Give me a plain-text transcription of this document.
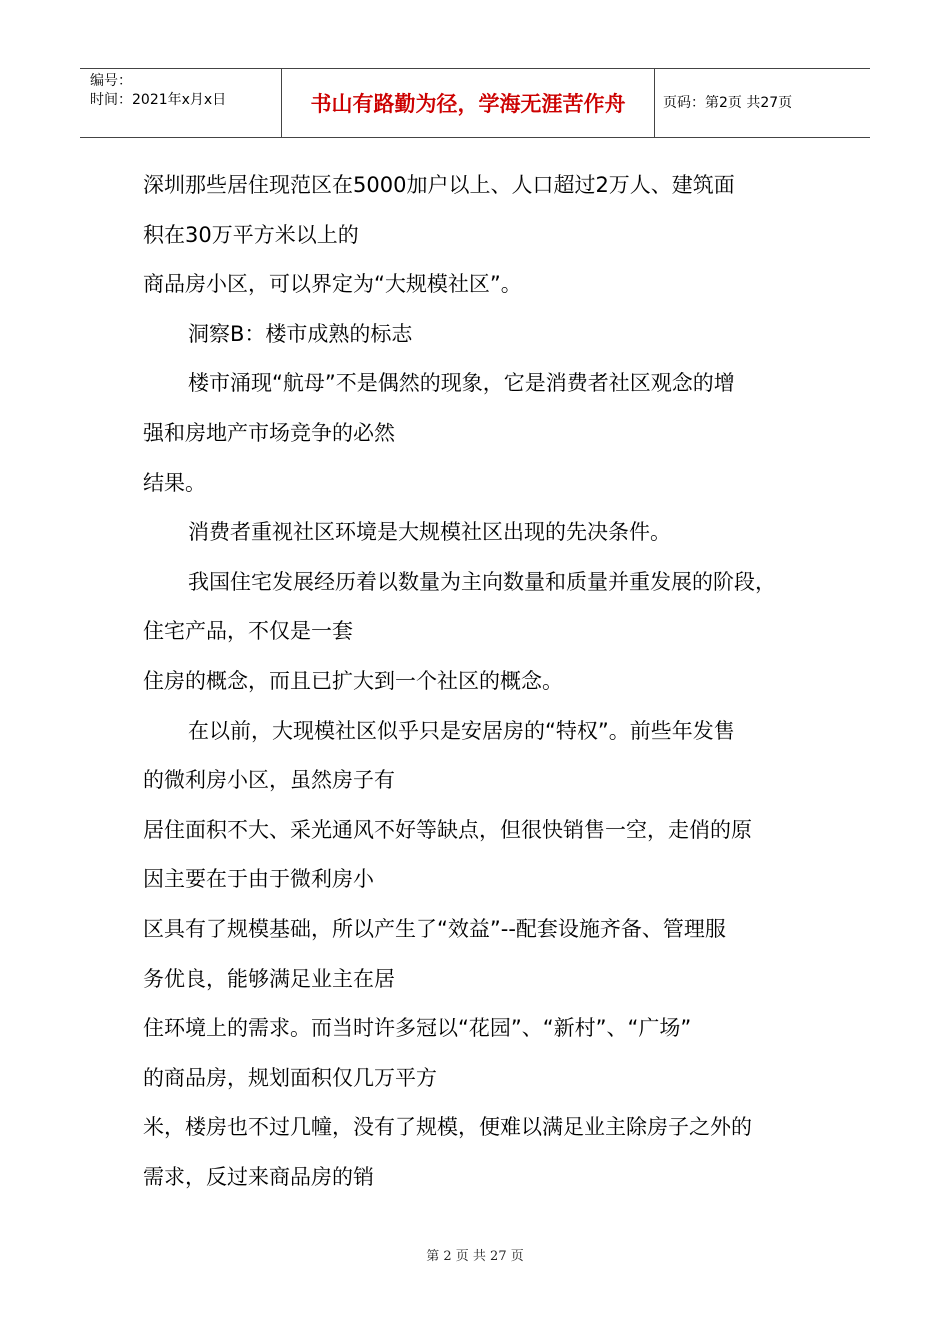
编号：
时间：2021年x月x日	书山有路勤为径，学海无涯苦作舟	页码：第2页 共27页

深圳那些居住现范区在5000加户以上、人口超过2万人、建筑面

积在30万平方米以上的

商品房小区，可以界定为“大规模社区”。

洞察B：楼市成熟的标志

楼市涌现“航母”不是偶然的现象，它是消费者社区观念的增

强和房地产市场竞争的必然

结果。

消费者重视社区环境是大规模社区出现的先决条件。

我国住宅发展经历着以数量为主向数量和质量并重发展的阶段，

住宅产品，不仅是一套

住房的概念，而且已扩大到一个社区的概念。

在以前，大现模社区似乎只是安居房的“特权”。前些年发售

的微利房小区，虽然房子有

居住面积不大、采光通风不好等缺点，但很快销售一空，走俏的原

因主要在于由于微利房小

区具有了规模基础，所以产生了“效益”--配套设施齐备、管理服

务优良，能够满足业主在居

住环境上的需求。而当时许多冠以“花园”、“新村”、“广场”

的商品房，规划面积仅几万平方

米，楼房也不过几幢，没有了规模，便难以满足业主除房子之外的

需求，反过来商品房的销

第 2 页 共 27 页
